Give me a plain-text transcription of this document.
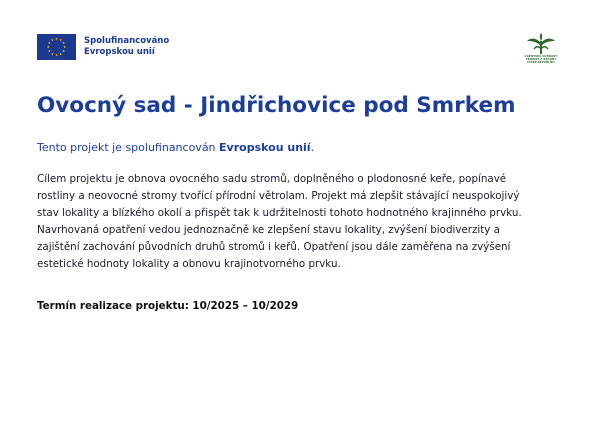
Spolufinancováno
Evropskou unií	AGENTURA OCHRANY
PŘÍRODY A KRAJINY
ČESKÉ REPUBLIKY
Ovocný sad - Jindřichovice pod Smrkem
Tento projekt je spolufinancován Evropskou unií.
Cílem projektu je obnova ovocného sadu stromů, doplněného o plodonosné keře, popínavé
rostliny a neovocné stromy tvořící přírodní větrolam. Projekt má zlepšit stávající neuspokojivý
stav lokality a blízkého okolí a přispět tak k udržitelnosti tohoto hodnotného krajinného prvku.
Navrhovaná opatření vedou jednoznačně ke zlepšení stavu lokality, zvýšení biodiverzity a
zajištění zachování původních druhů stromů i keřů. Opatření jsou dále zaměřena na zvýšení
estetické hodnoty lokality a obnovu krajinotvorného prvku.
Termín realizace projektu: 10/2025 – 10/2029
